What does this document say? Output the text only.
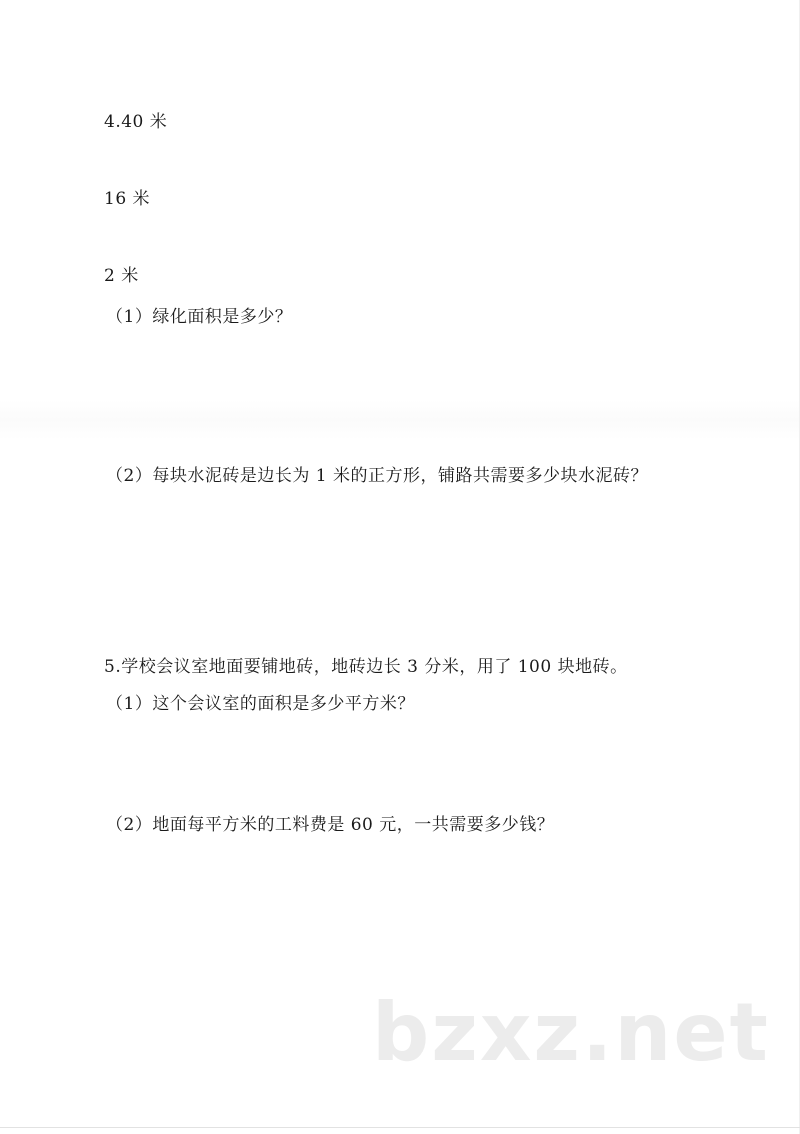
4.40 米
16 米
2 米
（1）绿化面积是多少？
（2）每块水泥砖是边长为 1 米的正方形，铺路共需要多少块水泥砖？
5.学校会议室地面要铺地砖，地砖边长 3 分米，用了 100 块地砖。
（1）这个会议室的面积是多少平方米？
（2）地面每平方米的工料费是 60 元，一共需要多少钱？
bzxz.net
